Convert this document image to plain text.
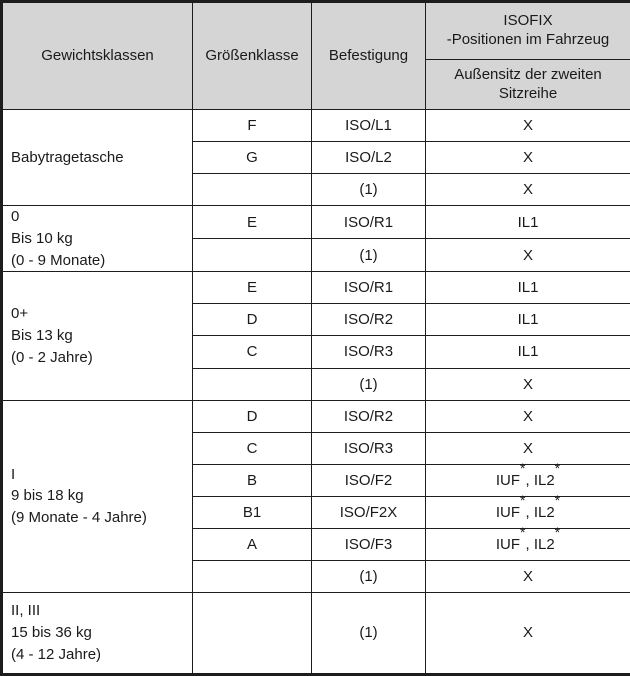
Gewichtsklassen	Größenklasse	Befestigung	ISOFIX
-Positionen im Fahrzeug
			Außensitz der zweiten
Sitzreihe

Babytragetasche	F	ISO/L1	X
	G	ISO/L2	X
		(1)	X

0
Bis 10 kg
(0 - 9 Monate)	E	ISO/R1	IL1
		(1)	X

0+
Bis 13 kg
(0 - 2 Jahre)	E	ISO/R1	IL1
	D	ISO/R2	IL1
	C	ISO/R3	IL1
		(1)	X

I
9 bis 18 kg
(9 Monate - 4 Jahre)	D	ISO/R2	X
	C	ISO/R3	X
	B	ISO/F2	IUF*, IL2*
	B1	ISO/F2X	IUF*, IL2*
	A	ISO/F3	IUF*, IL2*
		(1)	X

II, III
15 bis 36 kg
(4 - 12 Jahre)		(1)	X
